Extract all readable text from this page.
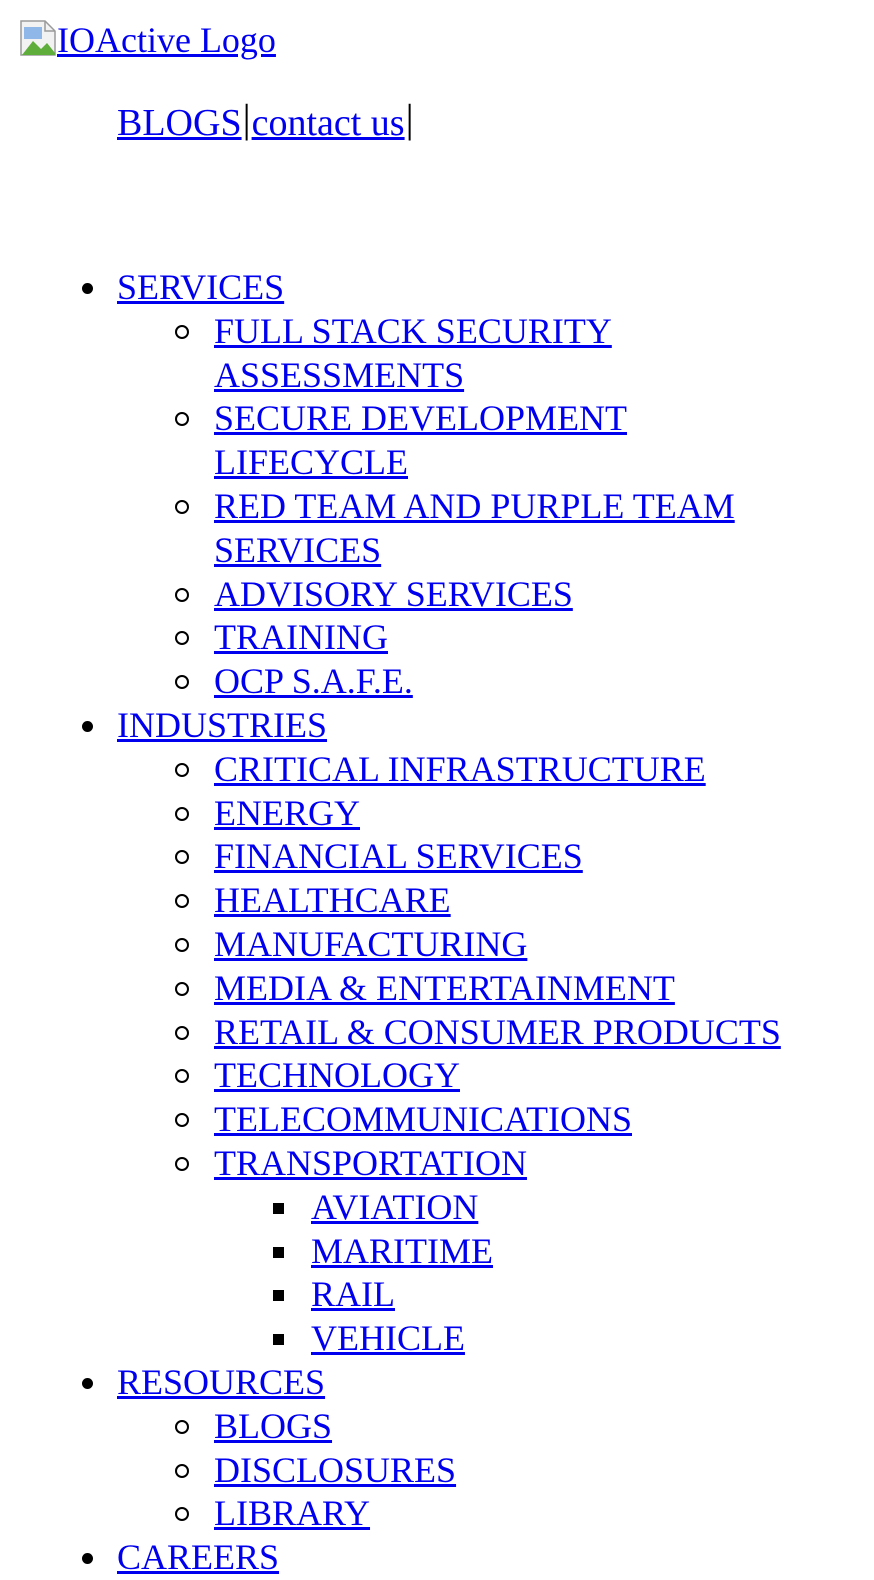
IOActive Logo
BLOGS|contact us|
SERVICES
FULL STACK SECURITY ASSESSMENTS
SECURE DEVELOPMENT LIFECYCLE
RED TEAM AND PURPLE TEAM SERVICES
ADVISORY SERVICES
TRAINING
OCP S.A.F.E.
INDUSTRIES
CRITICAL INFRASTRUCTURE
ENERGY
FINANCIAL SERVICES
HEALTHCARE
MANUFACTURING
MEDIA & ENTERTAINMENT
RETAIL & CONSUMER PRODUCTS
TECHNOLOGY
TELECOMMUNICATIONS
TRANSPORTATION
AVIATION
MARITIME
RAIL
VEHICLE
RESOURCES
BLOGS
DISCLOSURES
LIBRARY
CAREERS
